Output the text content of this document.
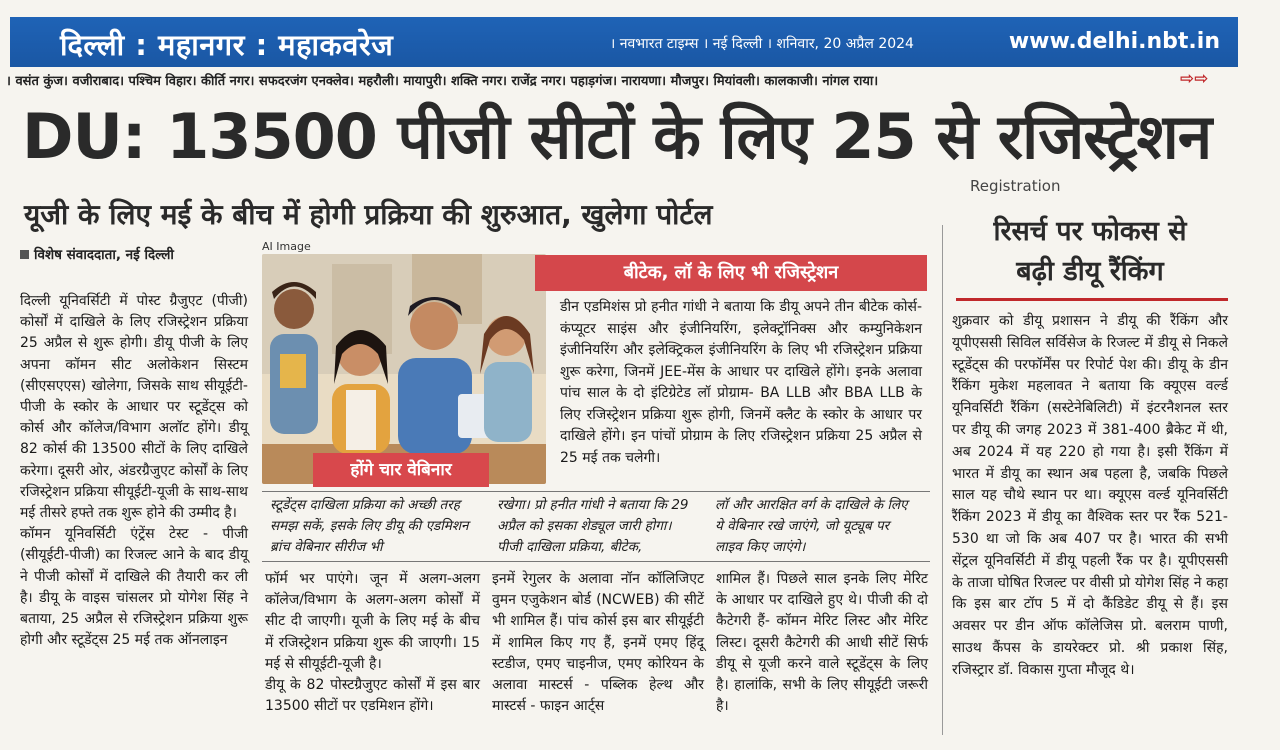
दिल्ली : महानगर : महाकवरेज	। नवभारत टाइम्स । नई दिल्ली । शनिवार, 20 अप्रैल 2024	www.delhi.nbt.in
। वसंत कुंज। वजीराबाद। पश्चिम विहार। कीर्ति नगर। सफदरजंग एनक्लेव। महरौली। मायापुरी। शक्ति नगर। राजेंद्र नगर। पहाड़गंज। नारायणा। मौजपुर। मियांवली। कालकाजी। नांगल राया।	⇨⇨
DU: 13500 पीजी सीटों के लिए 25 से रजिस्ट्रेशन
Registration
यूजी के लिए मई के बीच में होगी प्रक्रिया की शुरुआत, खुलेगा पोर्टल
विशेष संवाददाता, नई दिल्ली
AI Image
दिल्ली यूनिवर्सिटी में पोस्ट ग्रैजुएट (पीजी) कोर्सों में दाखिले के लिए रजिस्ट्रेशन प्रक्रिया 25 अप्रैल से शुरू होगी। डीयू पीजी के लिए अपना कॉमन सीट अलोकेशन सिस्टम (सीएसएएस) खोलेगा, जिसके साथ सीयूईटी-पीजी के स्कोर के आधार पर स्टूडेंट्स को कोर्स और कॉलेज/विभाग अलॉट होंगे। डीयू 82 कोर्स की 13500 सीटों के लिए दाखिले करेगा। दूसरी ओर, अंडरग्रैजुएट कोर्सों के लिए रजिस्ट्रेशन प्रक्रिया सीयूईटी-यूजी के साथ-साथ मई तीसरे हफ्ते तक शुरू होने की उम्मीद है।
कॉमन यूनिवर्सिटी एंट्रेंस टेस्ट - पीजी (सीयूईटी-पीजी) का रिजल्ट आने के बाद डीयू ने पीजी कोर्सों में दाखिले की तैयारी कर ली है। डीयू के वाइस चांसलर प्रो योगेश सिंह ने बताया, 25 अप्रैल से रजिस्ट्रेशन प्रक्रिया शुरू होगी और स्टूडेंट्स 25 मई तक ऑनलाइन
होंगे चार वेबिनार
बीटेक, लॉ के लिए भी रजिस्ट्रेशन
डीन एडमिशंस प्रो हनीत गांधी ने बताया कि डीयू अपने तीन बीटेक कोर्स- कंप्यूटर साइंस और इंजीनियरिंग, इलेक्ट्रॉनिक्स और कम्युनिकेशन इंजीनियरिंग और इलेक्ट्रिकल इंजीनियरिंग के लिए भी रजिस्ट्रेशन प्रक्रिया शुरू करेगा, जिनमें JEE-मेंस के आधार पर दाखिले होंगे। इनके अलावा पांच साल के दो इंटिग्रेटेड लॉ प्रोग्राम- BA LLB और BBA LLB के लिए रजिस्ट्रेशन प्रक्रिया शुरू होगी, जिनमें क्लैट के स्कोर के आधार पर दाखिले होंगे। इन पांचों प्रोग्राम के लिए रजिस्ट्रेशन प्रक्रिया 25 अप्रैल से 25 मई तक चलेगी।
स्टूडेंट्स दाखिला प्रक्रिया को अच्छी तरह समझ सकें, इसके लिए डीयू की एडमिशन ब्रांच वेबिनार सीरीज भी
रखेगा। प्रो हनीत गांधी ने बताया कि 29 अप्रैल को इसका शेड्यूल जारी होगा। पीजी दाखिला प्रक्रिया, बीटेक,
लॉ और आरक्षित वर्ग के दाखिले के लिए ये वेबिनार रखे जाएंगे, जो यूट्यूब पर लाइव किए जाएंगे।
फॉर्म भर पाएंगे। जून में अलग-अलग कॉलेज/विभाग के अलग-अलग कोर्सों में सीट दी जाएगी। यूजी के लिए मई के बीच में रजिस्ट्रेशन प्रक्रिया शुरू की जाएगी। 15 मई से सीयूईटी-यूजी है।
डीयू के 82 पोस्टग्रैजुएट कोर्सों में इस बार 13500 सीटों पर एडमिशन होंगे।
इनमें रेगुलर के अलावा नॉन कॉलिजिएट वुमन एजुकेशन बोर्ड (NCWEB) की सीटें भी शामिल हैं। पांच कोर्स इस बार सीयूईटी में शामिल किए गए हैं, इनमें एमए हिंदू स्टडीज, एमए चाइनीज, एमए कोरियन के अलावा मास्टर्स - पब्लिक हेल्थ और मास्टर्स - फाइन आर्ट्स
शामिल हैं। पिछले साल इनके लिए मेरिट के आधार पर दाखिले हुए थे। पीजी की दो कैटेगरी हैं- कॉमन मेरिट लिस्ट और मेरिट लिस्ट। दूसरी कैटेगरी की आधी सीटें सिर्फ डीयू से यूजी करने वाले स्टूडेंट्स के लिए है। हालांकि, सभी के लिए सीयूईटी जरूरी है।
रिसर्च पर फोकस से
बढ़ी डीयू रैंकिंग
शुक्रवार को डीयू प्रशासन ने डीयू की रैंकिंग और यूपीएससी सिविल सर्विसेज के रिजल्ट में डीयू से निकले स्टूडेंट्स की परफॉर्मेंस पर रिपोर्ट पेश की। डीयू के डीन रैंकिंग मुकेश महलावत ने बताया कि क्यूएस वर्ल्ड यूनिवर्सिटी रैंकिंग (सस्टेनेबिलिटी) में इंटरनैशनल स्तर पर डीयू की जगह 2023 में 381-400 ब्रैकेट में थी, अब 2024 में यह 220 हो गया है। इसी रैंकिंग में भारत में डीयू का स्थान अब पहला है, जबकि पिछले साल यह चौथे स्थान पर था। क्यूएस वर्ल्ड यूनिवर्सिटी रैंकिंग 2023 में डीयू का वैश्विक स्तर पर रैंक 521-530 था जो कि अब 407 पर है। भारत की सभी सेंट्रल यूनिवर्सिटी में डीयू पहली रैंक पर है। यूपीएससी के ताजा घोषित रिजल्ट पर वीसी प्रो योगेश सिंह ने कहा कि इस बार टॉप 5 में दो कैंडिडेट डीयू से हैं। इस अवसर पर डीन ऑफ कॉलेजिस प्रो. बलराम पाणी, साउथ कैंपस के डायरेक्टर प्रो. श्री प्रकाश सिंह, रजिस्ट्रार डॉ. विकास गुप्ता मौजूद थे।
